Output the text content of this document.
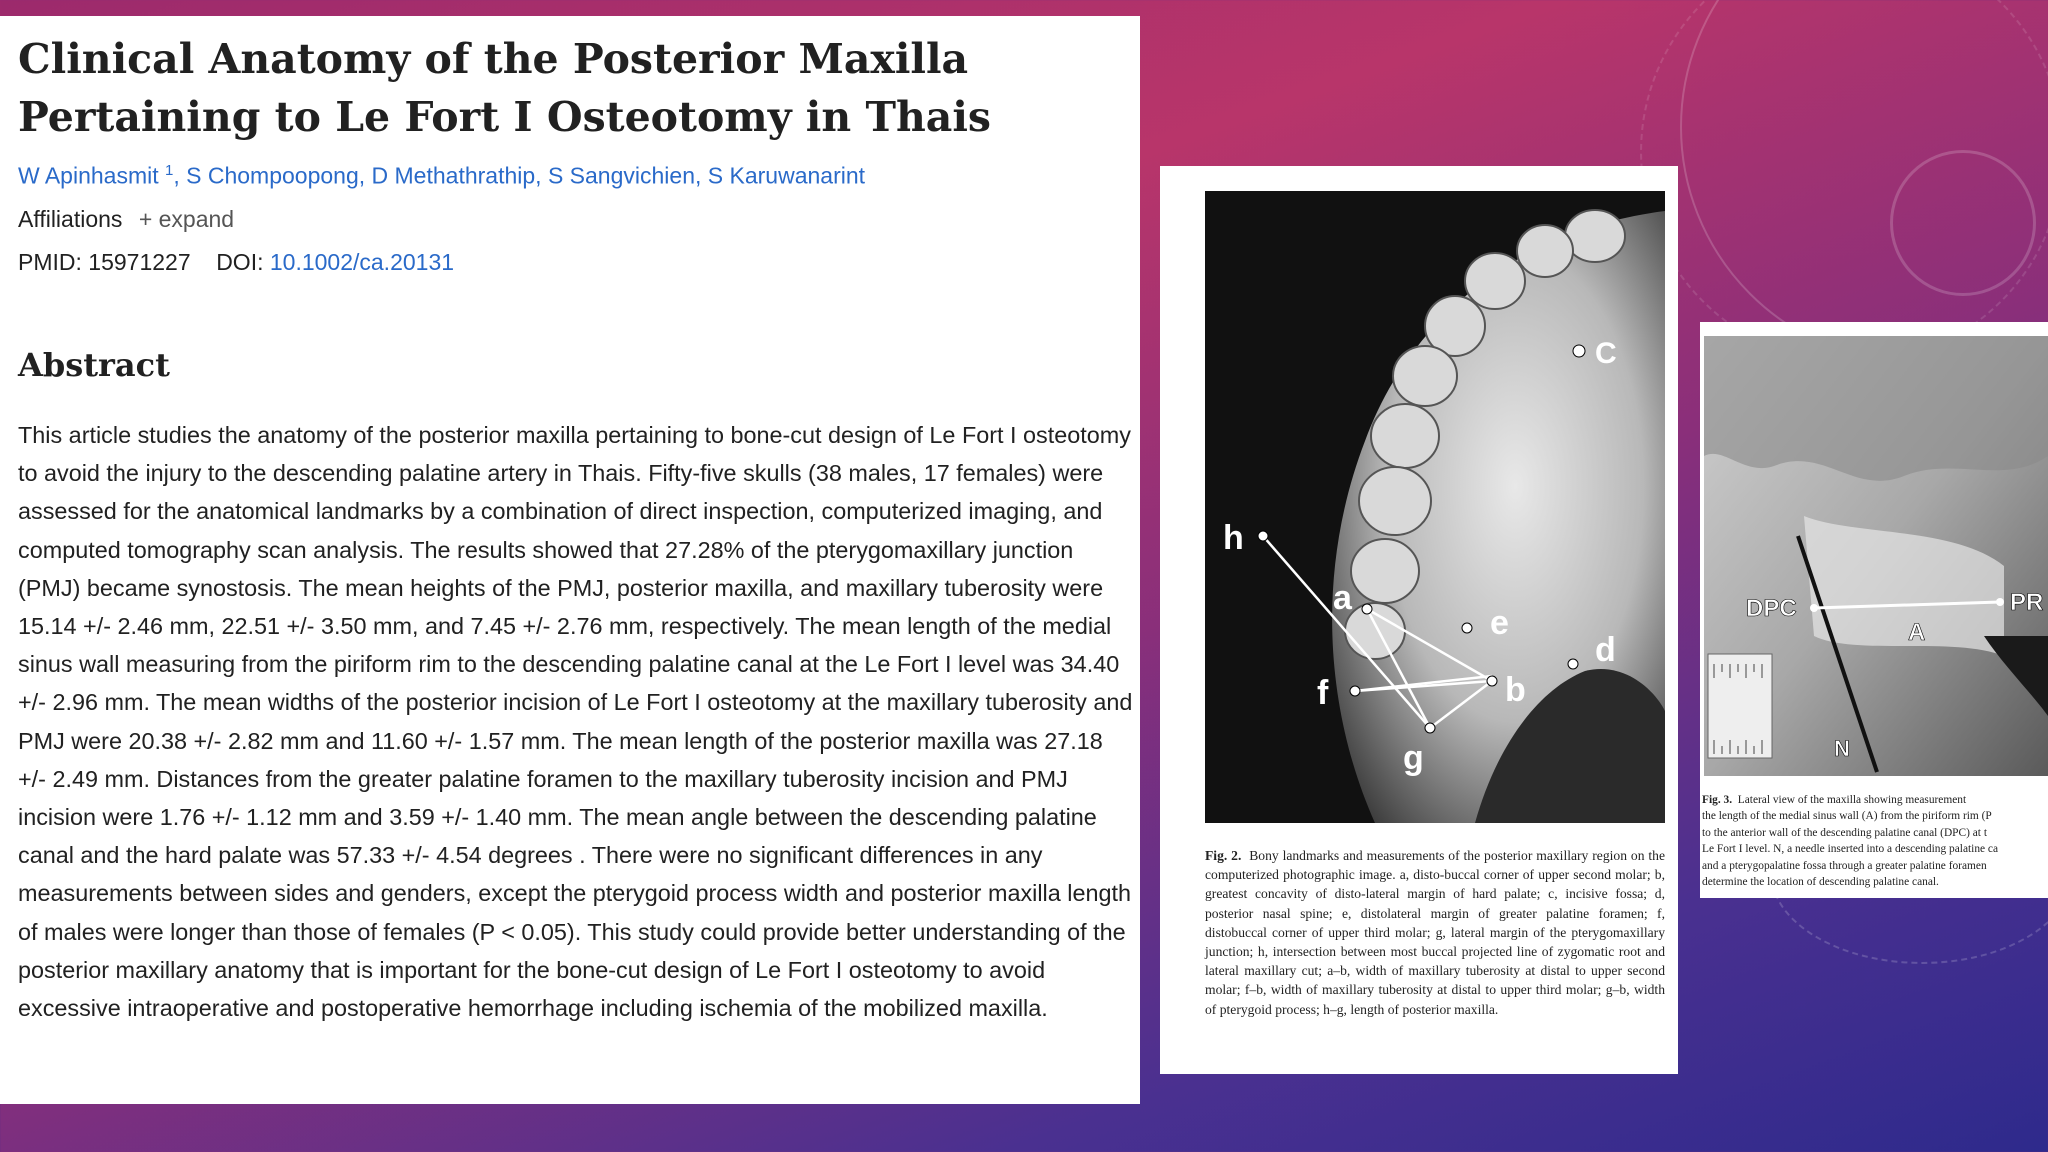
Clinical Anatomy of the Posterior Maxilla Pertaining to Le Fort I Osteotomy in Thais
W Apinhasmit $^1$, S Chompoopong, D Methathrathip, S Sangvichien, S Karuwanarint
Affiliations + expand
PMID: 15971227 DOI: 10.1002/ca.20131
Abstract

This article studies the anatomy of the posterior maxilla pertaining to bone-cut design of Le Fort I osteotomy to avoid the injury to the descending palatine artery in Thais. Fifty-five skulls (38 males, 17 females) were assessed for the anatomical landmarks by a combination of direct inspection, computerized imaging, and computed tomography scan analysis. The results showed that 27.28% of the pterygomaxillary junction (PMJ) became synostosis. The mean heights of the PMJ, posterior maxilla, and maxillary tuberosity were 15.14 +/- 2.46 mm, 22.51 +/- 3.50 mm, and 7.45 +/- 2.76 mm, respectively. The mean length of the medial sinus wall measuring from the piriform rim to the descending palatine canal at the Le Fort I level was 34.40 +/- 2.96 mm. The mean widths of the posterior incision of Le Fort I osteotomy at the maxillary tuberosity and PMJ were 20.38 +/- 2.82 mm and 11.60 +/- 1.57 mm. The mean length of the posterior maxilla was 27.18 +/- 2.49 mm. Distances from the greater palatine foramen to the maxillary tuberosity incision and PMJ incision were 1.76 +/- 1.12 mm and 3.59 +/- 1.40 mm. The mean angle between the descending palatine canal and the hard palate was 57.33 +/- 4.54 degrees . There were no significant differences in any measurements between sides and genders, except the pterygoid process width and posterior maxilla length of males were longer than those of females (P < 0.05). This study could provide better understanding of the posterior maxillary anatomy that is important for the bone-cut design of Le Fort I osteotomy to avoid excessive intraoperative and postoperative hemorrhage including ischemia of the mobilized maxilla.

h
a
e
d
f	b
g
C

Fig. 2. Bony landmarks and measurements of the posterior maxillary region on the computerized photographic image. a, disto-buccal corner of upper second molar; b, greatest concavity of disto-lateral margin of hard palate; c, incisive fossa; d, posterior nasal spine; e, distolateral margin of greater palatine foramen; f, distobuccal corner of upper third molar; g, lateral margin of the pterygomaxillary junction; h, intersection between most buccal projected line of zygomatic root and lateral maxillary cut; a–b, width of maxillary tuberosity at distal to upper second molar; f–b, width of maxillary tuberosity at distal to upper third molar; g–b, width of pterygoid process; h–g, length of posterior maxilla.

DPC
A
PR
N

Fig. 3. Lateral view of the maxilla showing measurement
the length of the medial sinus wall (A) from the piriform rim (P
to the anterior wall of the descending palatine canal (DPC) at t
Le Fort I level. N, a needle inserted into a descending palatine ca
and a pterygopalatine fossa through a greater palatine foramen
determine the location of descending palatine canal.
